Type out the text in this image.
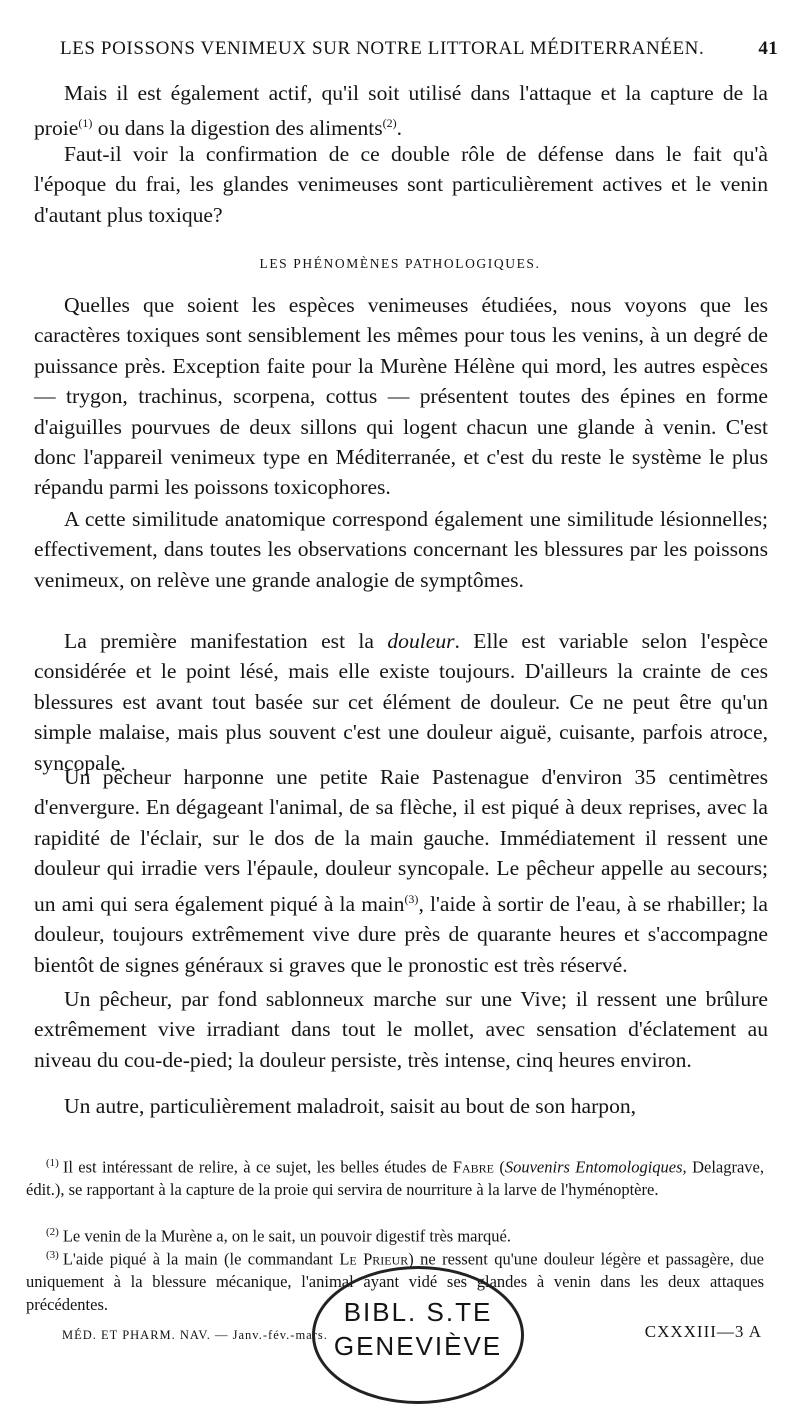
LES POISSONS VENIMEUX SUR NOTRE LITTORAL MÉDITERRANÉEN.	41

Mais il est également actif, qu'il soit utilisé dans l'attaque et la capture de la proie$^{(1)}$ ou dans la digestion des aliments$^{(2)}$.

Faut-il voir la confirmation de ce double rôle de défense dans le fait qu'à l'époque du frai, les glandes venimeuses sont particulièrement actives et le venin d'autant plus toxique?

LES PHÉNOMÈNES PATHOLOGIQUES.

Quelles que soient les espèces venimeuses étudiées, nous voyons que les caractères toxiques sont sensiblement les mêmes pour tous les venins, à un degré de puissance près. Exception faite pour la Murène Hélène qui mord, les autres espèces — trygon, trachinus, scorpena, cottus — présentent toutes des épines en forme d'aiguilles pourvues de deux sillons qui logent chacun une glande à venin. C'est donc l'appareil venimeux type en Méditerranée, et c'est du reste le système le plus répandu parmi les poissons toxicophores.

A cette similitude anatomique correspond également une similitude lésionnelles; effectivement, dans toutes les observations concernant les blessures par les poissons venimeux, on relève une grande analogie de symptômes.

La première manifestation est la douleur. Elle est variable selon l'espèce considérée et le point lésé, mais elle existe toujours. D'ailleurs la crainte de ces blessures est avant tout basée sur cet élément de douleur. Ce ne peut être qu'un simple malaise, mais plus souvent c'est une douleur aiguë, cuisante, parfois atroce, syncopale.

Un pêcheur harponne une petite Raie Pastenague d'environ 35 centimètres d'envergure. En dégageant l'animal, de sa flèche, il est piqué à deux reprises, avec la rapidité de l'éclair, sur le dos de la main gauche. Immédiatement il ressent une douleur qui irradie vers l'épaule, douleur syncopale. Le pêcheur appelle au secours; un ami qui sera également piqué à la main$^{(3)}$, l'aide à sortir de l'eau, à se rhabiller; la douleur, toujours extrêmement vive dure près de quarante heures et s'accompagne bientôt de signes généraux si graves que le pronostic est très réservé.

Un pêcheur, par fond sablonneux marche sur une Vive; il ressent une brûlure extrêmement vive irradiant dans tout le mollet, avec sensation d'éclatement au niveau du cou-de-pied; la douleur persiste, très intense, cinq heures environ.

Un autre, particulièrement maladroit, saisit au bout de son harpon,

$^{(1)}$ Il est intéressant de relire, à ce sujet, les belles études de Fabre (Souvenirs Entomologiques, Delagrave, édit.), se rapportant à la capture de la proie qui servira de nourriture à la larve de l'hyménoptère.

$^{(2)}$ Le venin de la Murène a, on le sait, un pouvoir digestif très marqué.

$^{(3)}$ L'aide piqué à la main (le commandant Le Prieur) ne ressent qu'une douleur légère et passagère, due uniquement à la blessure mécanique, l'animal ayant vidé ses glandes à venin dans les deux attaques précédentes.

MÉD. ET PHARM. NAV. — Janv.-fév.-mars.	CXXXIII—3 A
BIBL. S.TE
GENEVIÈVE
